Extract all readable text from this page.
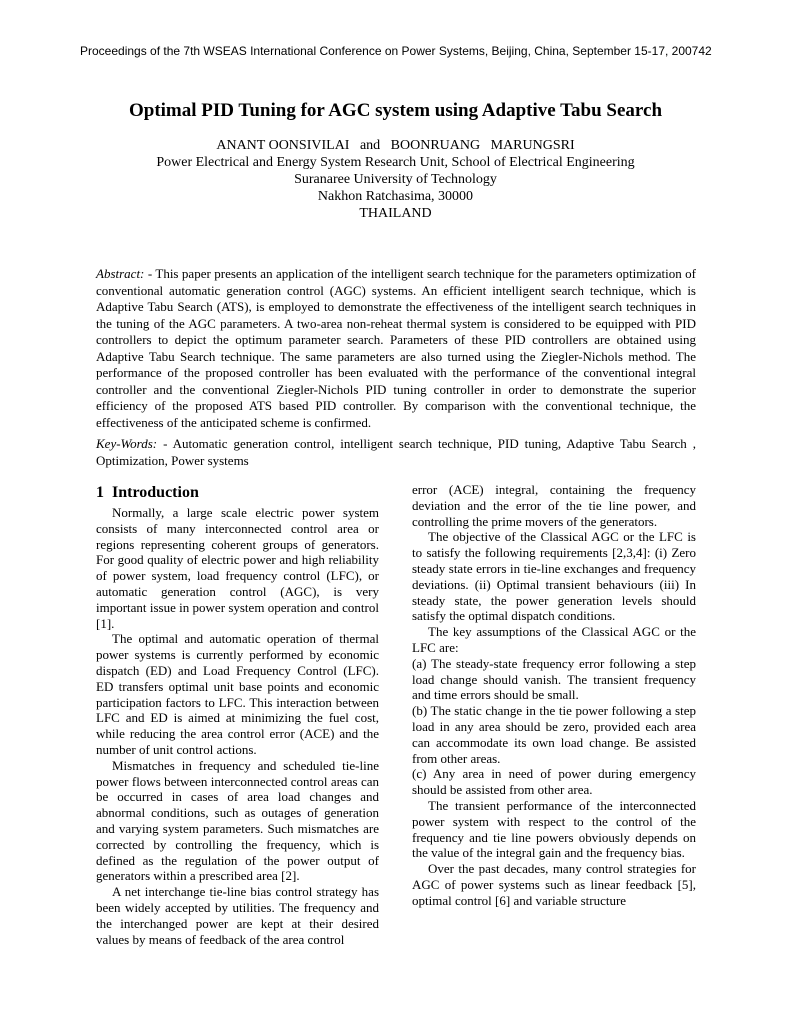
Proceedings of the 7th WSEAS International Conference on Power Systems, Beijing, China, September 15-17, 2007 42
Optimal PID Tuning for AGC system using Adaptive Tabu Search
ANANT OONSIVILAI   and   BOONRUANG   MARUNGSRI
Power Electrical and Energy System Research Unit, School of Electrical Engineering
Suranaree University of Technology
Nakhon Ratchasima, 30000
THAILAND
Abstract: - This paper presents an application of the intelligent search technique for the parameters optimization of conventional automatic generation control (AGC) systems. An efficient intelligent search technique, which is Adaptive Tabu Search (ATS), is employed to demonstrate the effectiveness of the intelligent search techniques in the tuning of the AGC parameters. A two-area non-reheat thermal system is considered to be equipped with PID controllers to depict the optimum parameter search. Parameters of these PID controllers are obtained using Adaptive Tabu Search technique. The same parameters are also turned using the Ziegler-Nichols method. The performance of the proposed controller has been evaluated with the performance of the conventional integral controller and the conventional Ziegler-Nichols PID tuning controller in order to demonstrate the superior efficiency of the proposed ATS based PID controller. By comparison with the conventional technique, the effectiveness of the anticipated scheme is confirmed.
Key-Words: - Automatic generation control, intelligent search technique, PID tuning, Adaptive Tabu Search , Optimization, Power systems
1 Introduction

Normally, a large scale electric power system consists of many interconnected control area or regions representing coherent groups of generators. For good quality of electric power and high reliability of power system, load frequency control (LFC), or automatic generation control (AGC), is very important issue in power system operation and control [1].

The optimal and automatic operation of thermal power systems is currently performed by economic dispatch (ED) and Load Frequency Control (LFC). ED transfers optimal unit base points and economic participation factors to LFC. This interaction between LFC and ED is aimed at minimizing the fuel cost, while reducing the area control error (ACE) and the number of unit control actions.

Mismatches in frequency and scheduled tie-line power flows between interconnected control areas can be occurred in cases of area load changes and abnormal conditions, such as outages of generation and varying system parameters. Such mismatches are corrected by controlling the frequency, which is defined as the regulation of the power output of generators within a prescribed area [2].

A net interchange tie-line bias control strategy has been widely accepted by utilities. The frequency and the interchanged power are kept at their desired values by means of feedback of the area control

error (ACE) integral, containing the frequency deviation and the error of the tie line power, and controlling the prime movers of the generators.

The objective of the Classical AGC or the LFC is to satisfy the following requirements [2,3,4]: (i) Zero steady state errors in tie-line exchanges and frequency deviations. (ii) Optimal transient behaviours (iii) In steady state, the power generation levels should satisfy the optimal dispatch conditions.

The key assumptions of the Classical AGC or the LFC are:

(a) The steady-state frequency error following a step load change should vanish. The transient frequency and time errors should be small.

(b) The static change in the tie power following a step load in any area should be zero, provided each area can accommodate its own load change. Be assisted from other areas.

(c) Any area in need of power during emergency should be assisted from other area.

The transient performance of the interconnected power system with respect to the control of the frequency and tie line powers obviously depends on the value of the integral gain and the frequency bias.

Over the past decades, many control strategies for AGC of power systems such as linear feedback [5], optimal control [6] and variable structure
